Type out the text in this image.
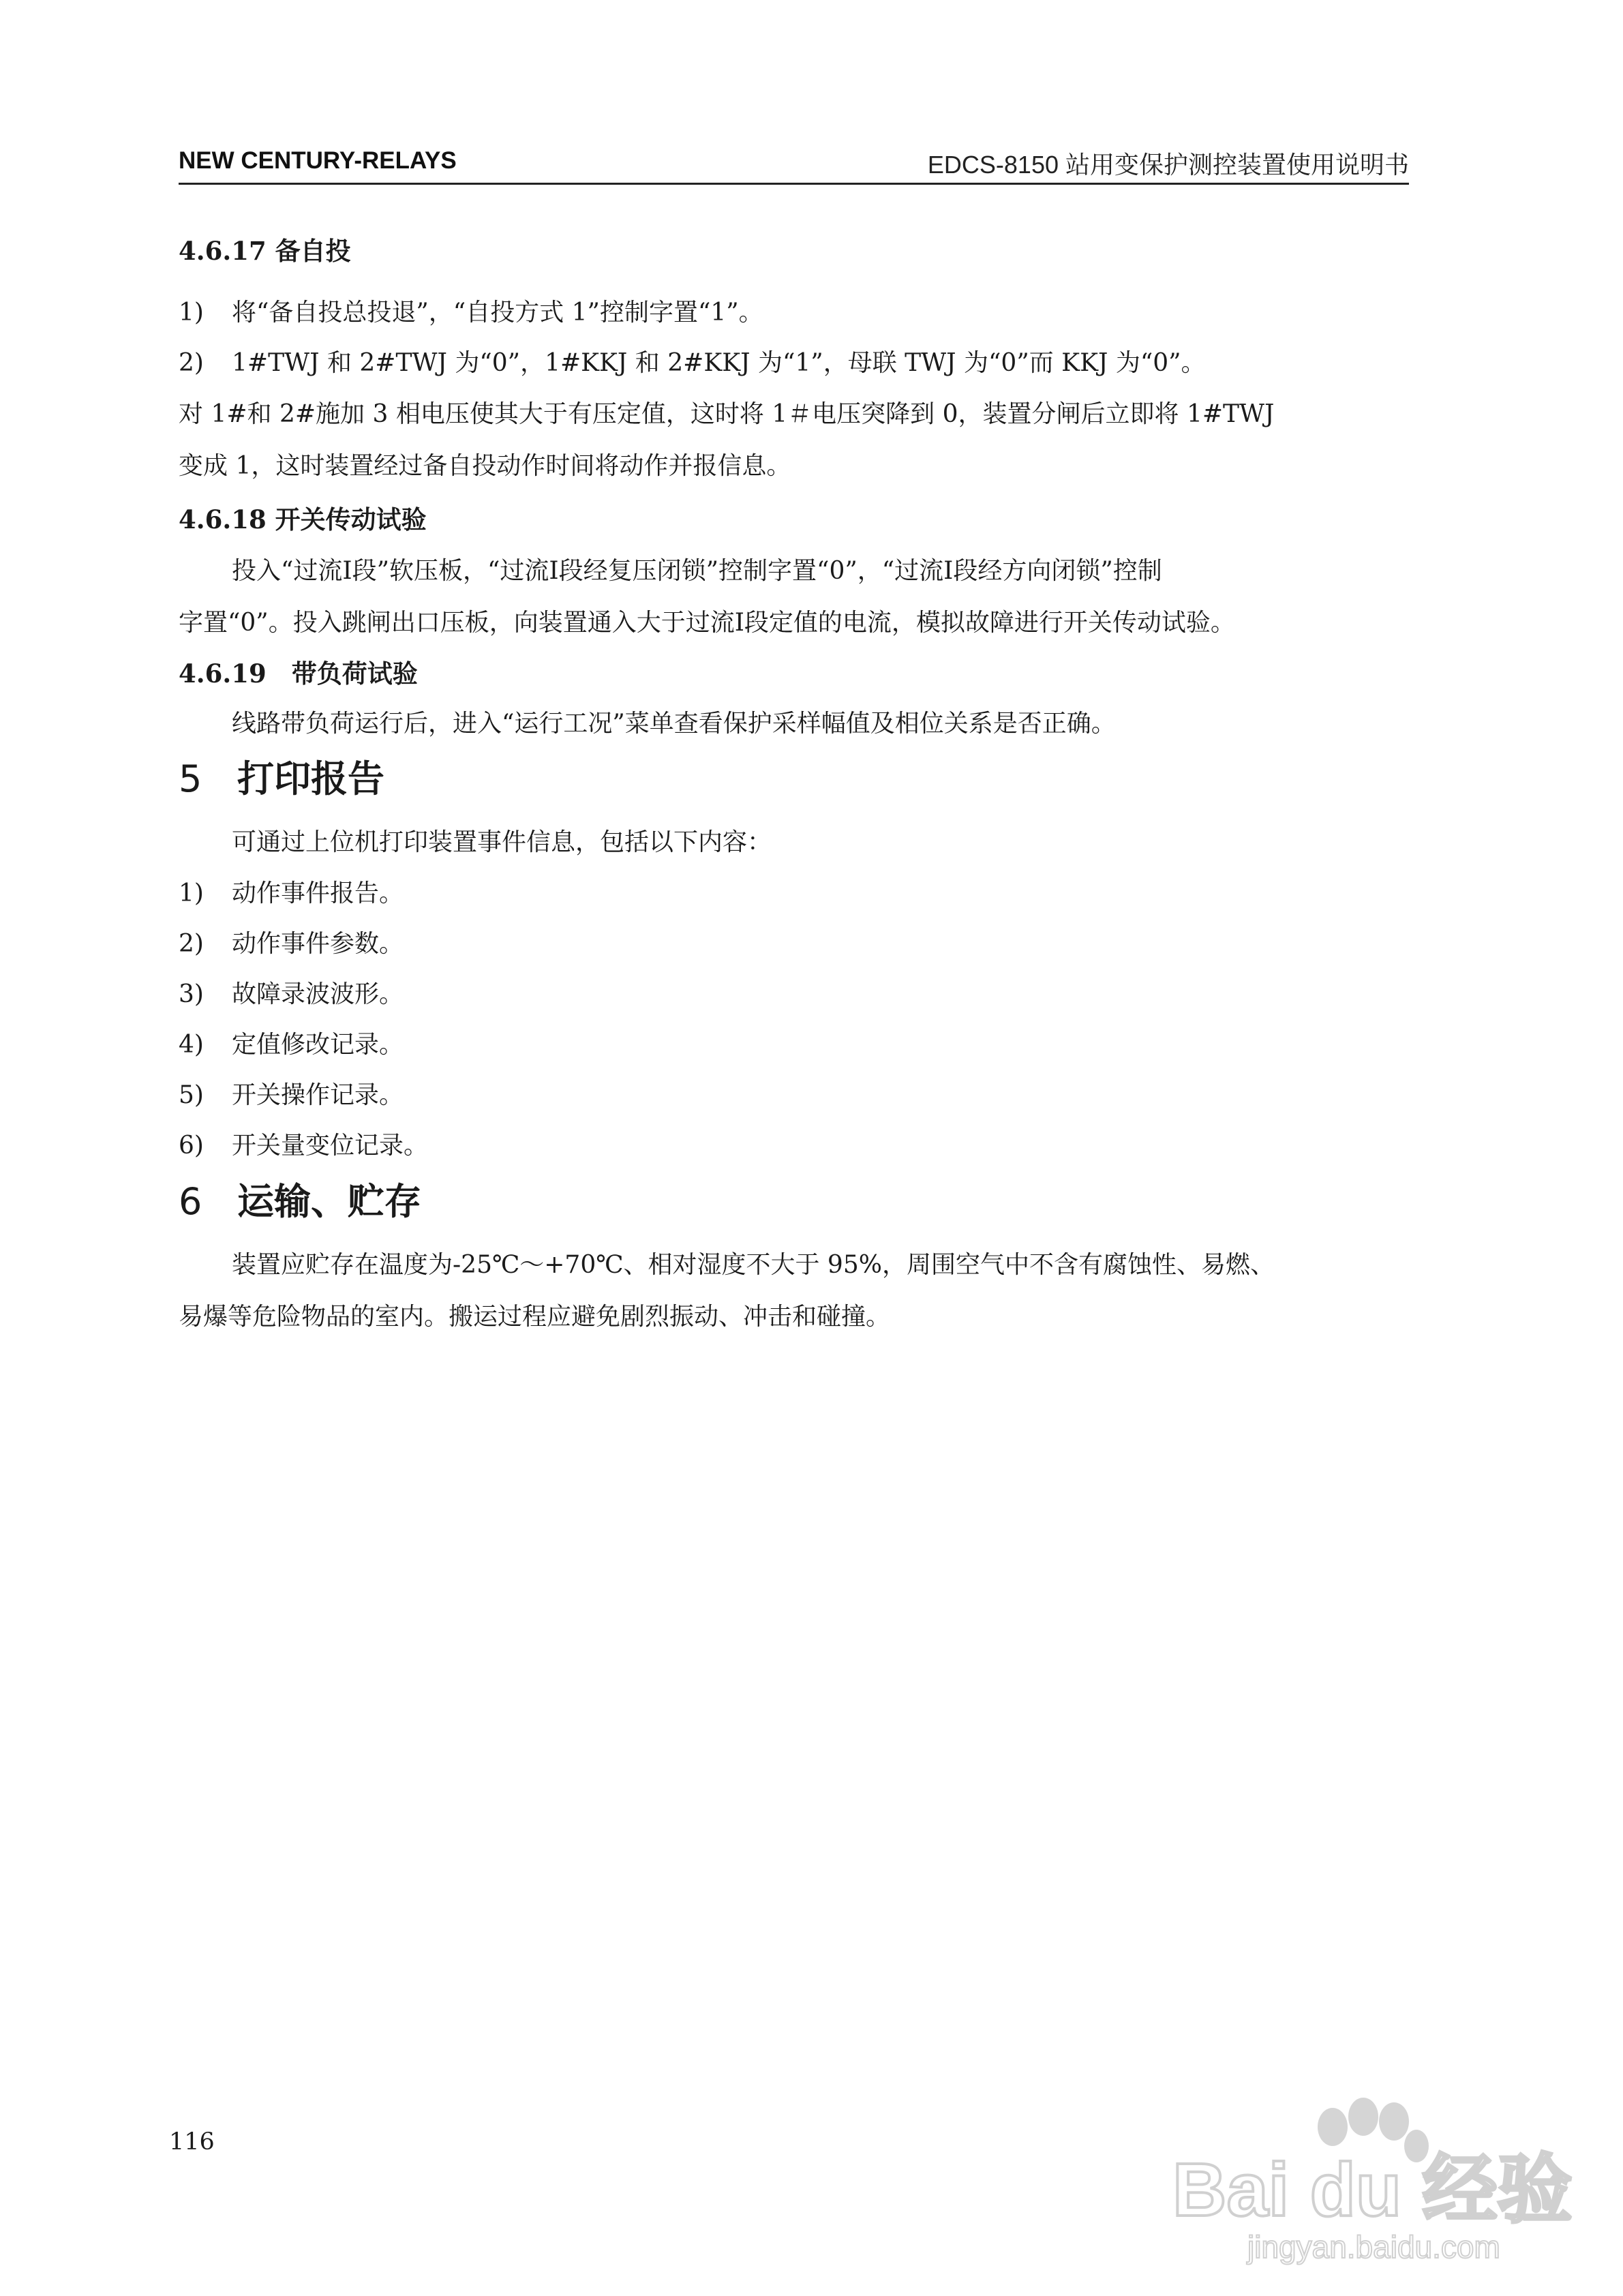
NEW CENTURY-RELAYS	EDCS-8150 站用变保护测控装置使用说明书
4.6.17 备自投
1)	将“备自投总投退”，“自投方式 1”控制字置“1”。
2)	1#TWJ 和 2#TWJ 为“0”，1#KKJ 和 2#KKJ 为“1”，母联 TWJ 为“0”而 KKJ 为“0”。
对 1#和 2#施加 3 相电压使其大于有压定值，这时将 1＃电压突降到 0，装置分闸后立即将 1#TWJ
变成 1，这时装置经过备自投动作时间将动作并报信息。
4.6.18 开关传动试验
投入“过流Ⅰ段”软压板，“过流Ⅰ段经复压闭锁”控制字置“0”，“过流Ⅰ段经方向闭锁”控制
字置“0”。投入跳闸出口压板，向装置通入大于过流Ⅰ段定值的电流，模拟故障进行开关传动试验。
4.6.19　带负荷试验
线路带负荷运行后，进入“运行工况”菜单查看保护采样幅值及相位关系是否正确。
5 打印报告
可通过上位机打印装置事件信息，包括以下内容：
1)	动作事件报告。
2)	动作事件参数。
3)	故障录波波形。
4)	定值修改记录。
5)	开关操作记录。
6)	开关量变位记录。
6 运输、贮存
装置应贮存在温度为-25℃～+70℃、相对湿度不大于 95%，周围空气中不含有腐蚀性、易燃、
易爆等危险物品的室内。搬运过程应避免剧烈振动、冲击和碰撞。
116
Bai du 经验
jingyan.baidu.com
